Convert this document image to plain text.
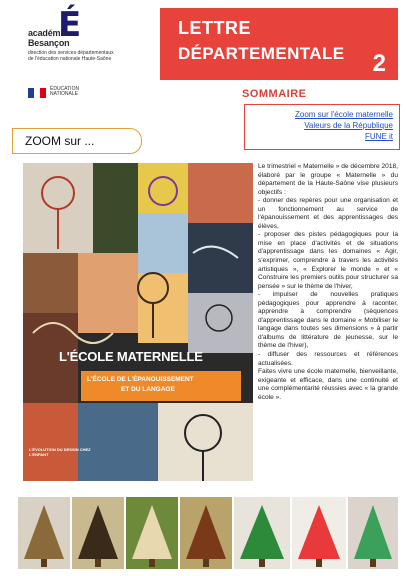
É
académie
Besançon
direction des services départementaux de l'éducation nationale Haute-Saône
ÉDUCATION
NATIONALE
LETTRE
DÉPARTEMENTALE 2
SOMMAIRE
Zoom sur l'école maternelle
Valeurs de la République
FUNE it
ZOOM sur ...
L'ÉCOLE MATERNELLE
L'ÉCOLE DE L'ÉPANOUISSEMENT
ET DU LANGAGE
L'ÉVOLUTION DU DESSIN CHEZ L'ENFANT

Le trimestriel « Maternelle » de décembre 2018, élaboré par le groupe « Maternelle » du département de la Haute-Saône vise plusieurs objectifs :

- donner des repères pour une organisation et un fonctionnement au service de l'épanouissement et des apprentissages des élèves,

- proposer des pistes pédagogiques pour la mise en place d'activités et de situations d'apprentissage dans les domaines « Agir, s'exprimer, comprendre à travers les activités artistiques », « Explorer le monde » et « Construire les premiers outils pour structurer sa pensée » sur le thème de l'hiver,

- impulser de nouvelles pratiques pédagogiques pour apprendre à raconter, apprendre à comprendre (séquences d'apprentissage dans le domaine « Mobiliser le langage dans toutes ses dimensions » à partir d'albums de littérature de jeunesse, sur le thème de l'hiver),

- diffuser des ressources et références actualisées.

Faites vivre une école maternelle, bienveillante, exigeante et efficace, dans une continuité et une complémentarité réussies avec « la grande école ».
